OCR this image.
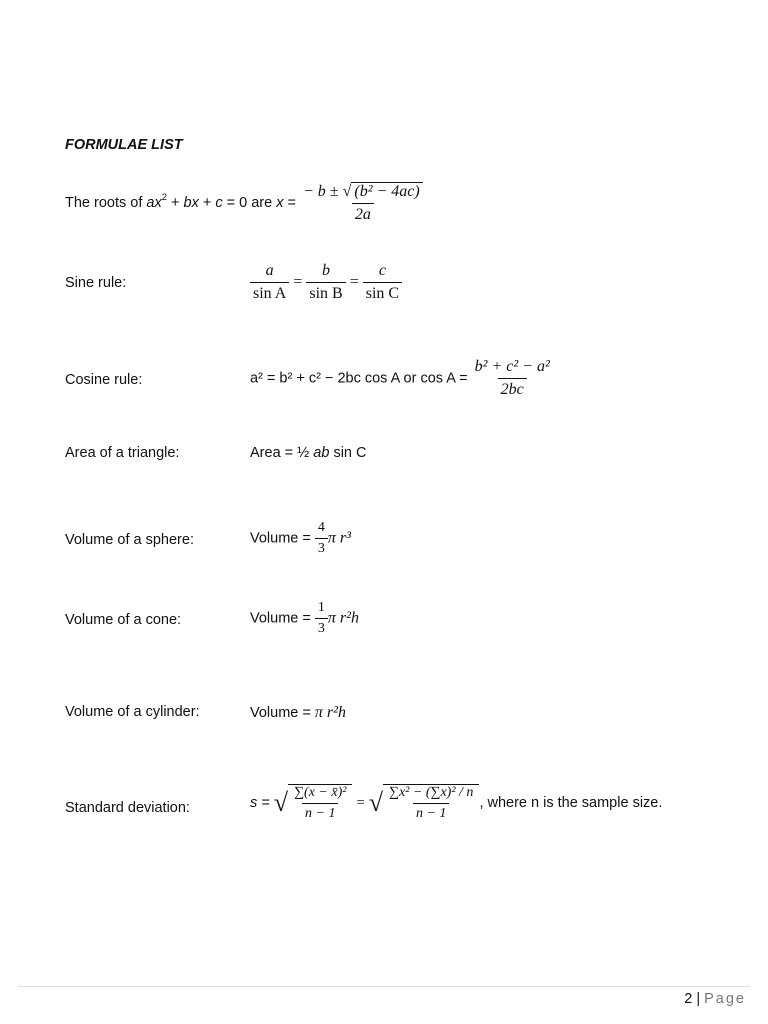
FORMULAE LIST
The roots of $ax^2$ + bx + c = 0 are $x = \frac{\text{− b ± √ (b² − 4ac)}}{2a}$
Sine rule:	$\frac{a}{\text{sin A}} = \frac{b}{\text{sin B}} = \frac{c}{\text{sin C}}$
Cosine rule:	a² = b² + c² − 2bc cos A or $\cos A = \frac{\text{b² + c² − a²}}{2bc}$
Area of a triangle:	Area = ½ ab sin C
Volume of a sphere:	Volume = $\frac{4}{3}$ π r³
Volume of a cone:	Volume = $\frac{1}{3}$ π r²h
Volume of a cylinder:	Volume = π r²h
Standard deviation:	s = √ $\frac{\text{∑(x − x̄)²}}{n - 1}$ = √ $\frac{\text{∑x² − (∑x)² / n}}{n - 1}$ , where n is the sample size.
2 | Page
